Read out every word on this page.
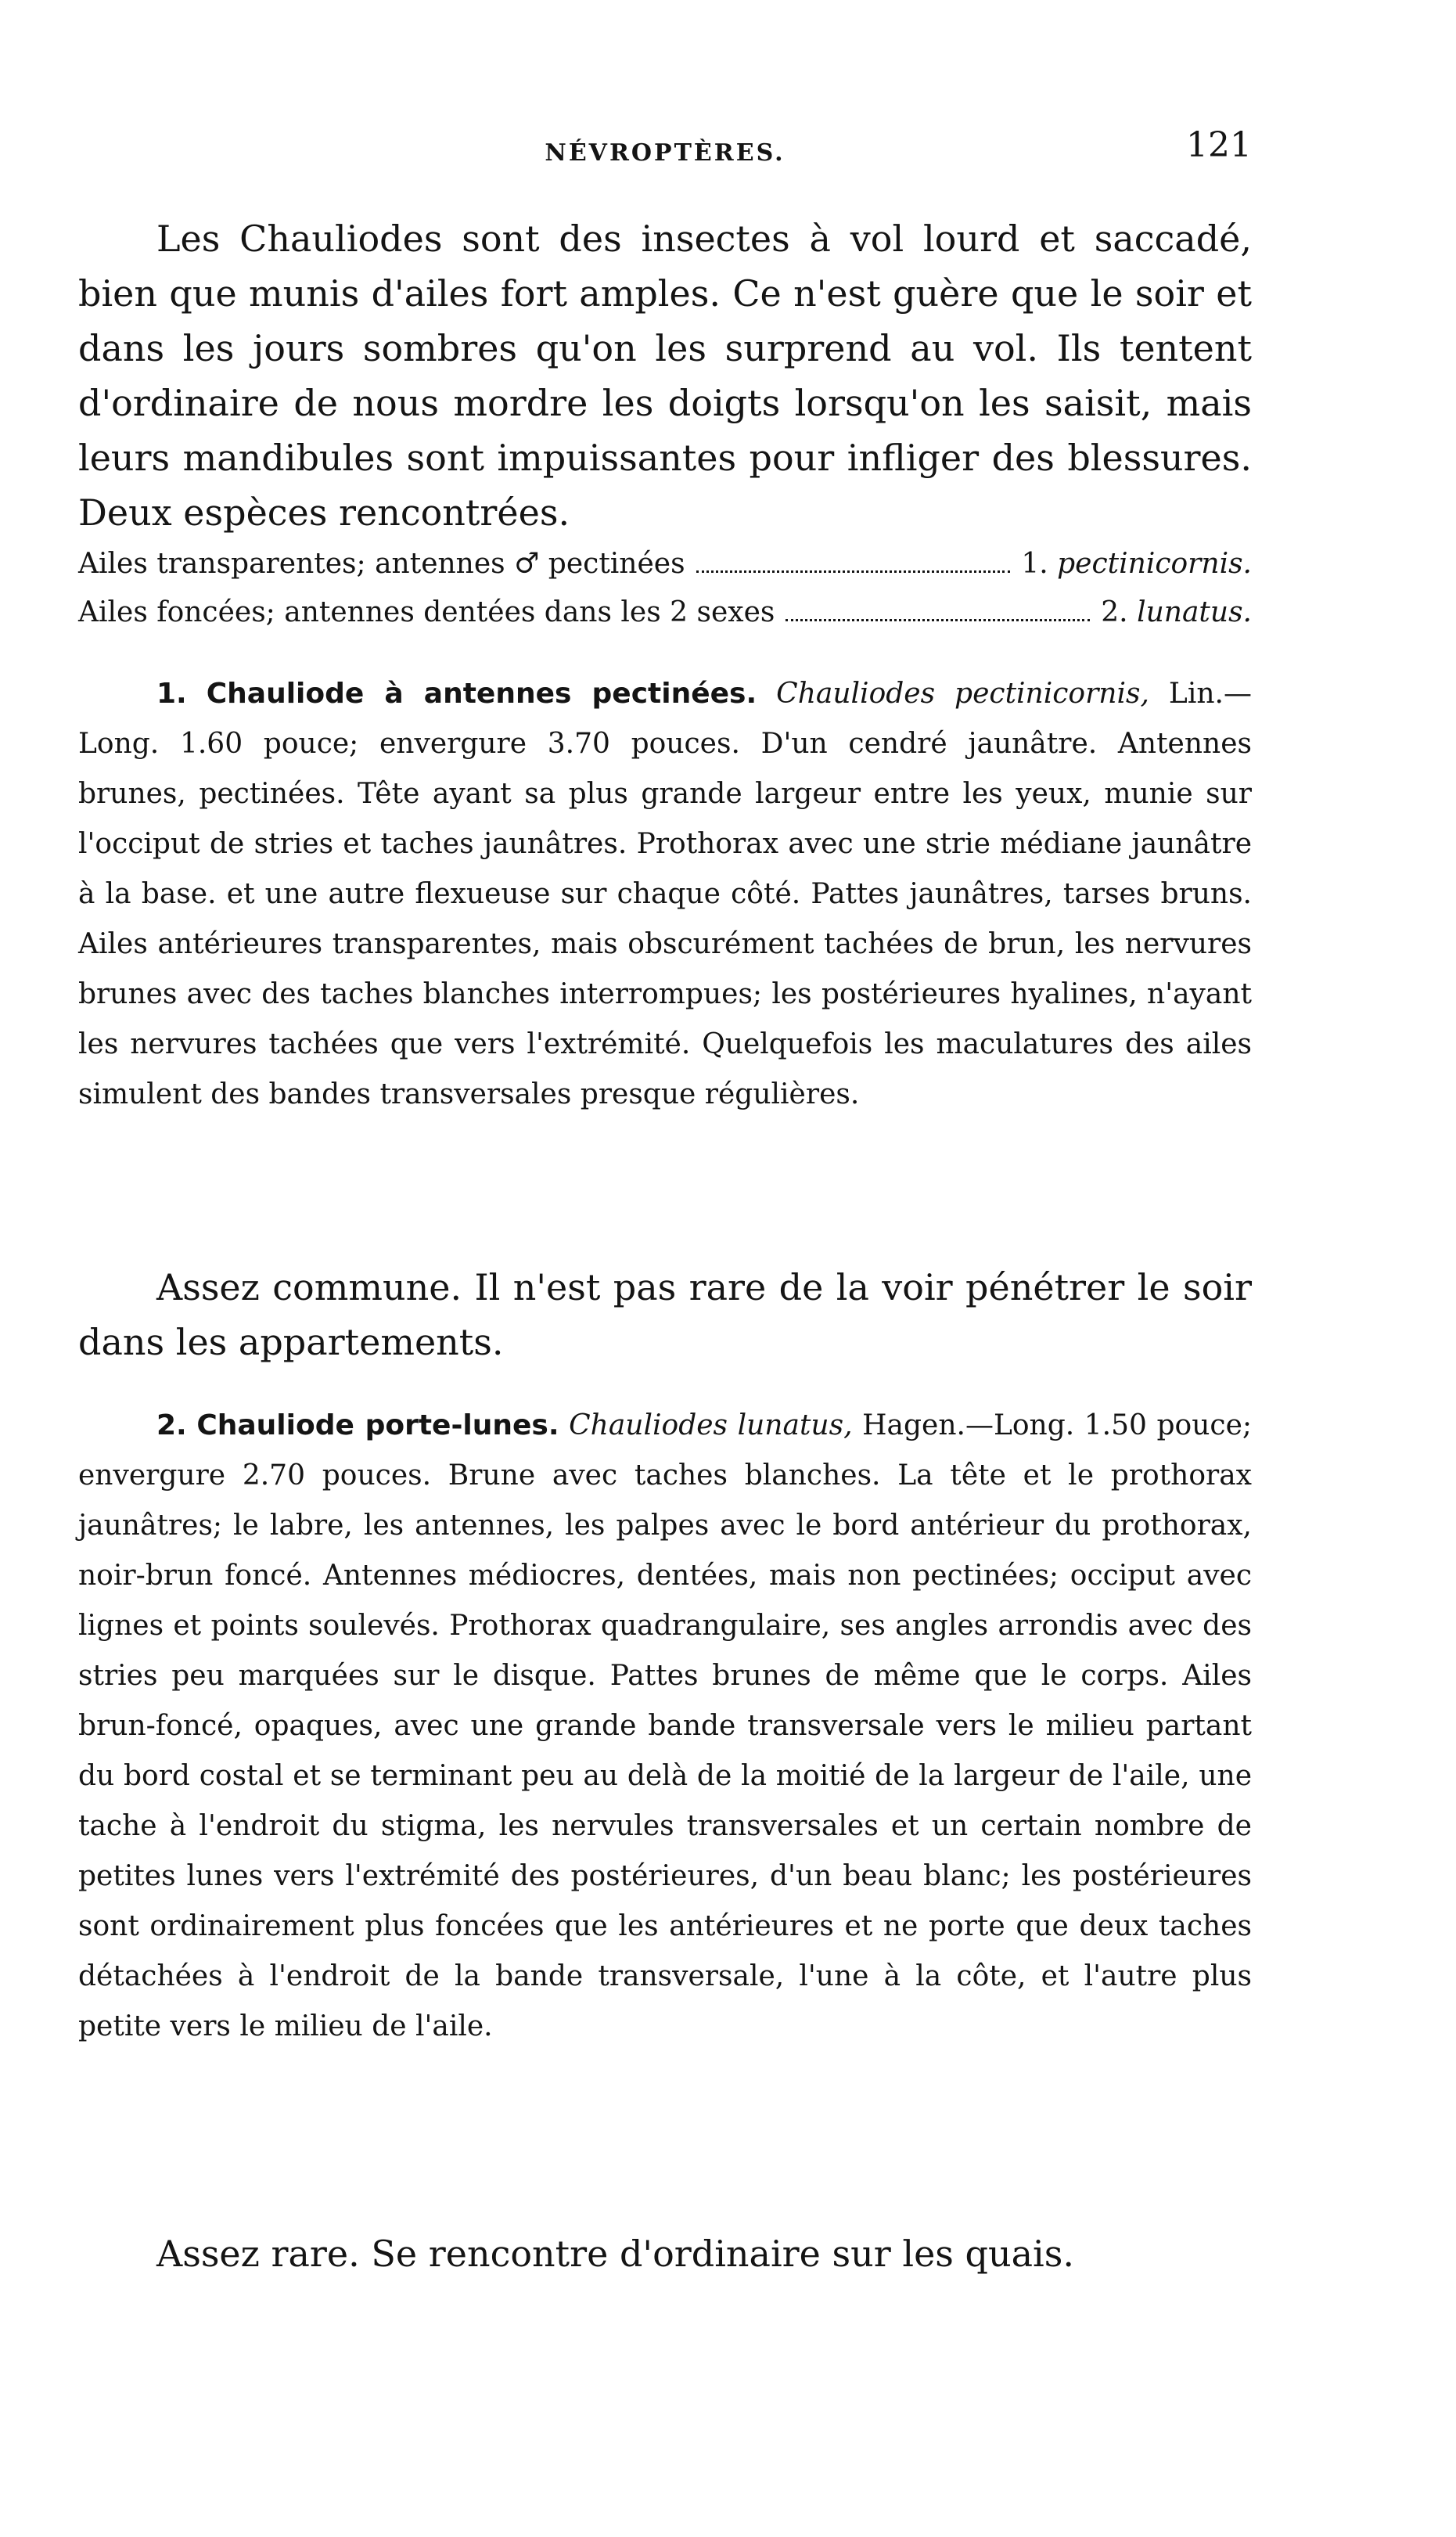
NÉVROPTÈRES.	121

Les Chauliodes sont des insectes à vol lourd et saccadé, bien que munis d'ailes fort amples. Ce n'est guère que le soir et dans les jours sombres qu'on les surprend au vol. Ils tentent d'ordinaire de nous mordre les doigts lorsqu'on les saisit, mais leurs mandibules sont impuissantes pour infliger des blessures. Deux espèces rencontrées.

Ailes transparentes; antennes ♂ pectinées	1. pectinicornis.
Ailes foncées; antennes dentées dans les 2 sexes	2. lunatus.

1. Chauliode à antennes pectinées. Chauliodes pectinicornis, Lin.—Long. 1.60 pouce; envergure 3.70 pouces. D'un cendré jaunâtre. Antennes brunes, pectinées. Tête ayant sa plus grande largeur entre les yeux, munie sur l'occiput de stries et taches jaunâtres. Prothorax avec une strie médiane jaunâtre à la base. et une autre flexueuse sur chaque côté. Pattes jaunâtres, tarses bruns. Ailes antérieures transparentes, mais obscurément tachées de brun, les nervures brunes avec des taches blanches interrompues; les postérieures hyalines, n'ayant les nervures tachées que vers l'extrémité. Quelquefois les maculatures des ailes simulent des bandes transversales presque régulières.

Assez commune. Il n'est pas rare de la voir pénétrer le soir dans les appartements.

2. Chauliode porte-lunes. Chauliodes lunatus, Hagen.—Long. 1.50 pouce; envergure 2.70 pouces. Brune avec taches blanches. La tête et le prothorax jaunâtres; le labre, les antennes, les palpes avec le bord antérieur du prothorax, noir-brun foncé. Antennes médiocres, dentées, mais non pectinées; occiput avec lignes et points soulevés. Prothorax quadrangulaire, ses angles arrondis avec des stries peu marquées sur le disque. Pattes brunes de même que le corps. Ailes brun-foncé, opaques, avec une grande bande transversale vers le milieu partant du bord costal et se terminant peu au delà de la moitié de la largeur de l'aile, une tache à l'endroit du stigma, les nervules transversales et un certain nombre de petites lunes vers l'extrémité des postérieures, d'un beau blanc; les postérieures sont ordinairement plus foncées que les antérieures et ne porte que deux taches détachées à l'endroit de la bande transversale, l'une à la côte, et l'autre plus petite vers le milieu de l'aile.

Assez rare. Se rencontre d'ordinaire sur les quais.
